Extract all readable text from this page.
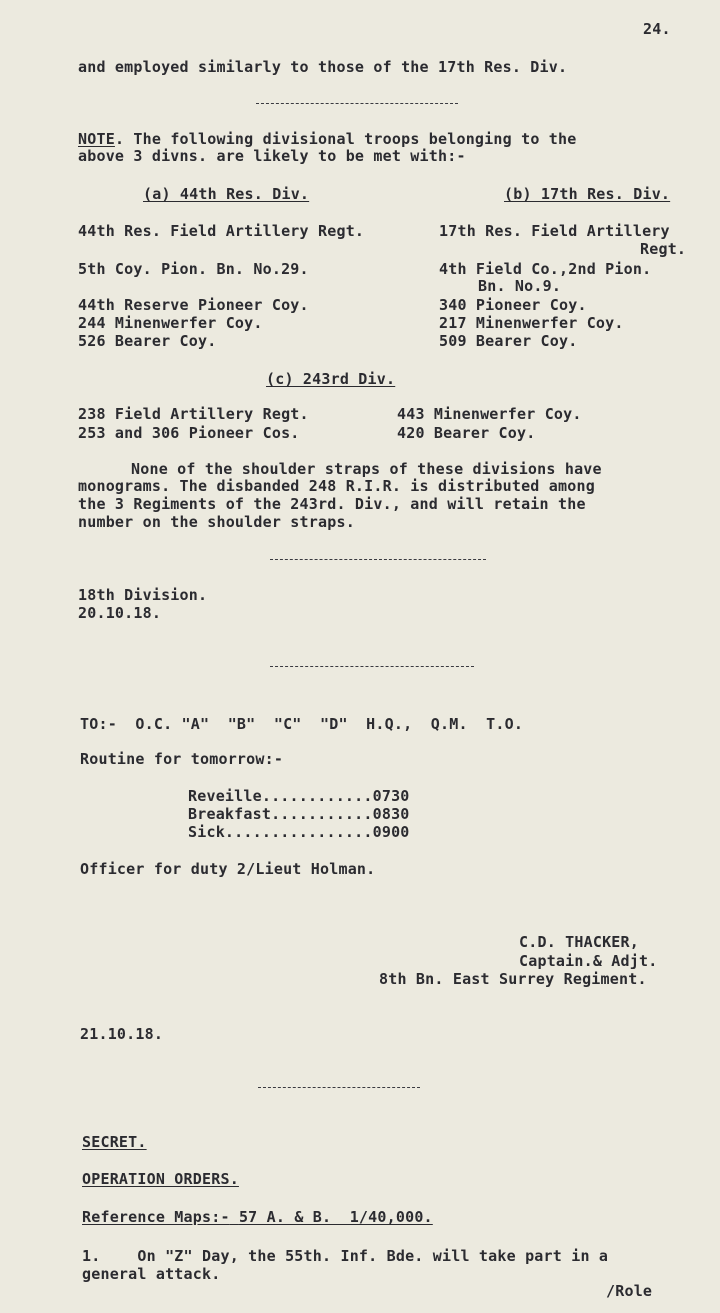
24.

and employed similarly to those of the 17th Res. Div.

NOTE. The following divisional troops belonging to the

above 3 divns. are likely to be met with:-

(a) 44th Res. Div.	(b) 17th Res. Div.

44th Res. Field Artillery Regt.

5th Coy. Pion. Bn. No.29.

44th Reserve Pioneer Coy.

244 Minenwerfer Coy.

526 Bearer Coy.

17th Res. Field Artillery

Regt.

4th Field Co.,2nd Pion.

Bn. No.9.

340 Pioneer Coy.

217 Minenwerfer Coy.

509 Bearer Coy.

(c) 243rd Div.

238 Field Artillery Regt.

253 and 306 Pioneer Cos.

443 Minenwerfer Coy.

420 Bearer Coy.

None of the shoulder straps of these divisions have

monograms. The disbanded 248 R.I.R. is distributed among

the 3 Regiments of the 243rd. Div., and will retain the

number on the shoulder straps.

18th Division.

20.10.18.

TO:-  O.C. "A"  "B"  "C"  "D"  H.Q.,  Q.M.  T.O.

Routine for tomorrow:-

Reveille............0730

Breakfast...........0830

Sick................0900

Officer for duty 2/Lieut Holman.

C.D. THACKER,

Captain.& Adjt.

8th Bn. East Surrey Regiment.

21.10.18.

SECRET.

OPERATION ORDERS.

Reference Maps:- 57 A. & B.  1/40,000.

1.    On "Z" Day, the 55th. Inf. Bde. will take part in a

general attack.

/Role
